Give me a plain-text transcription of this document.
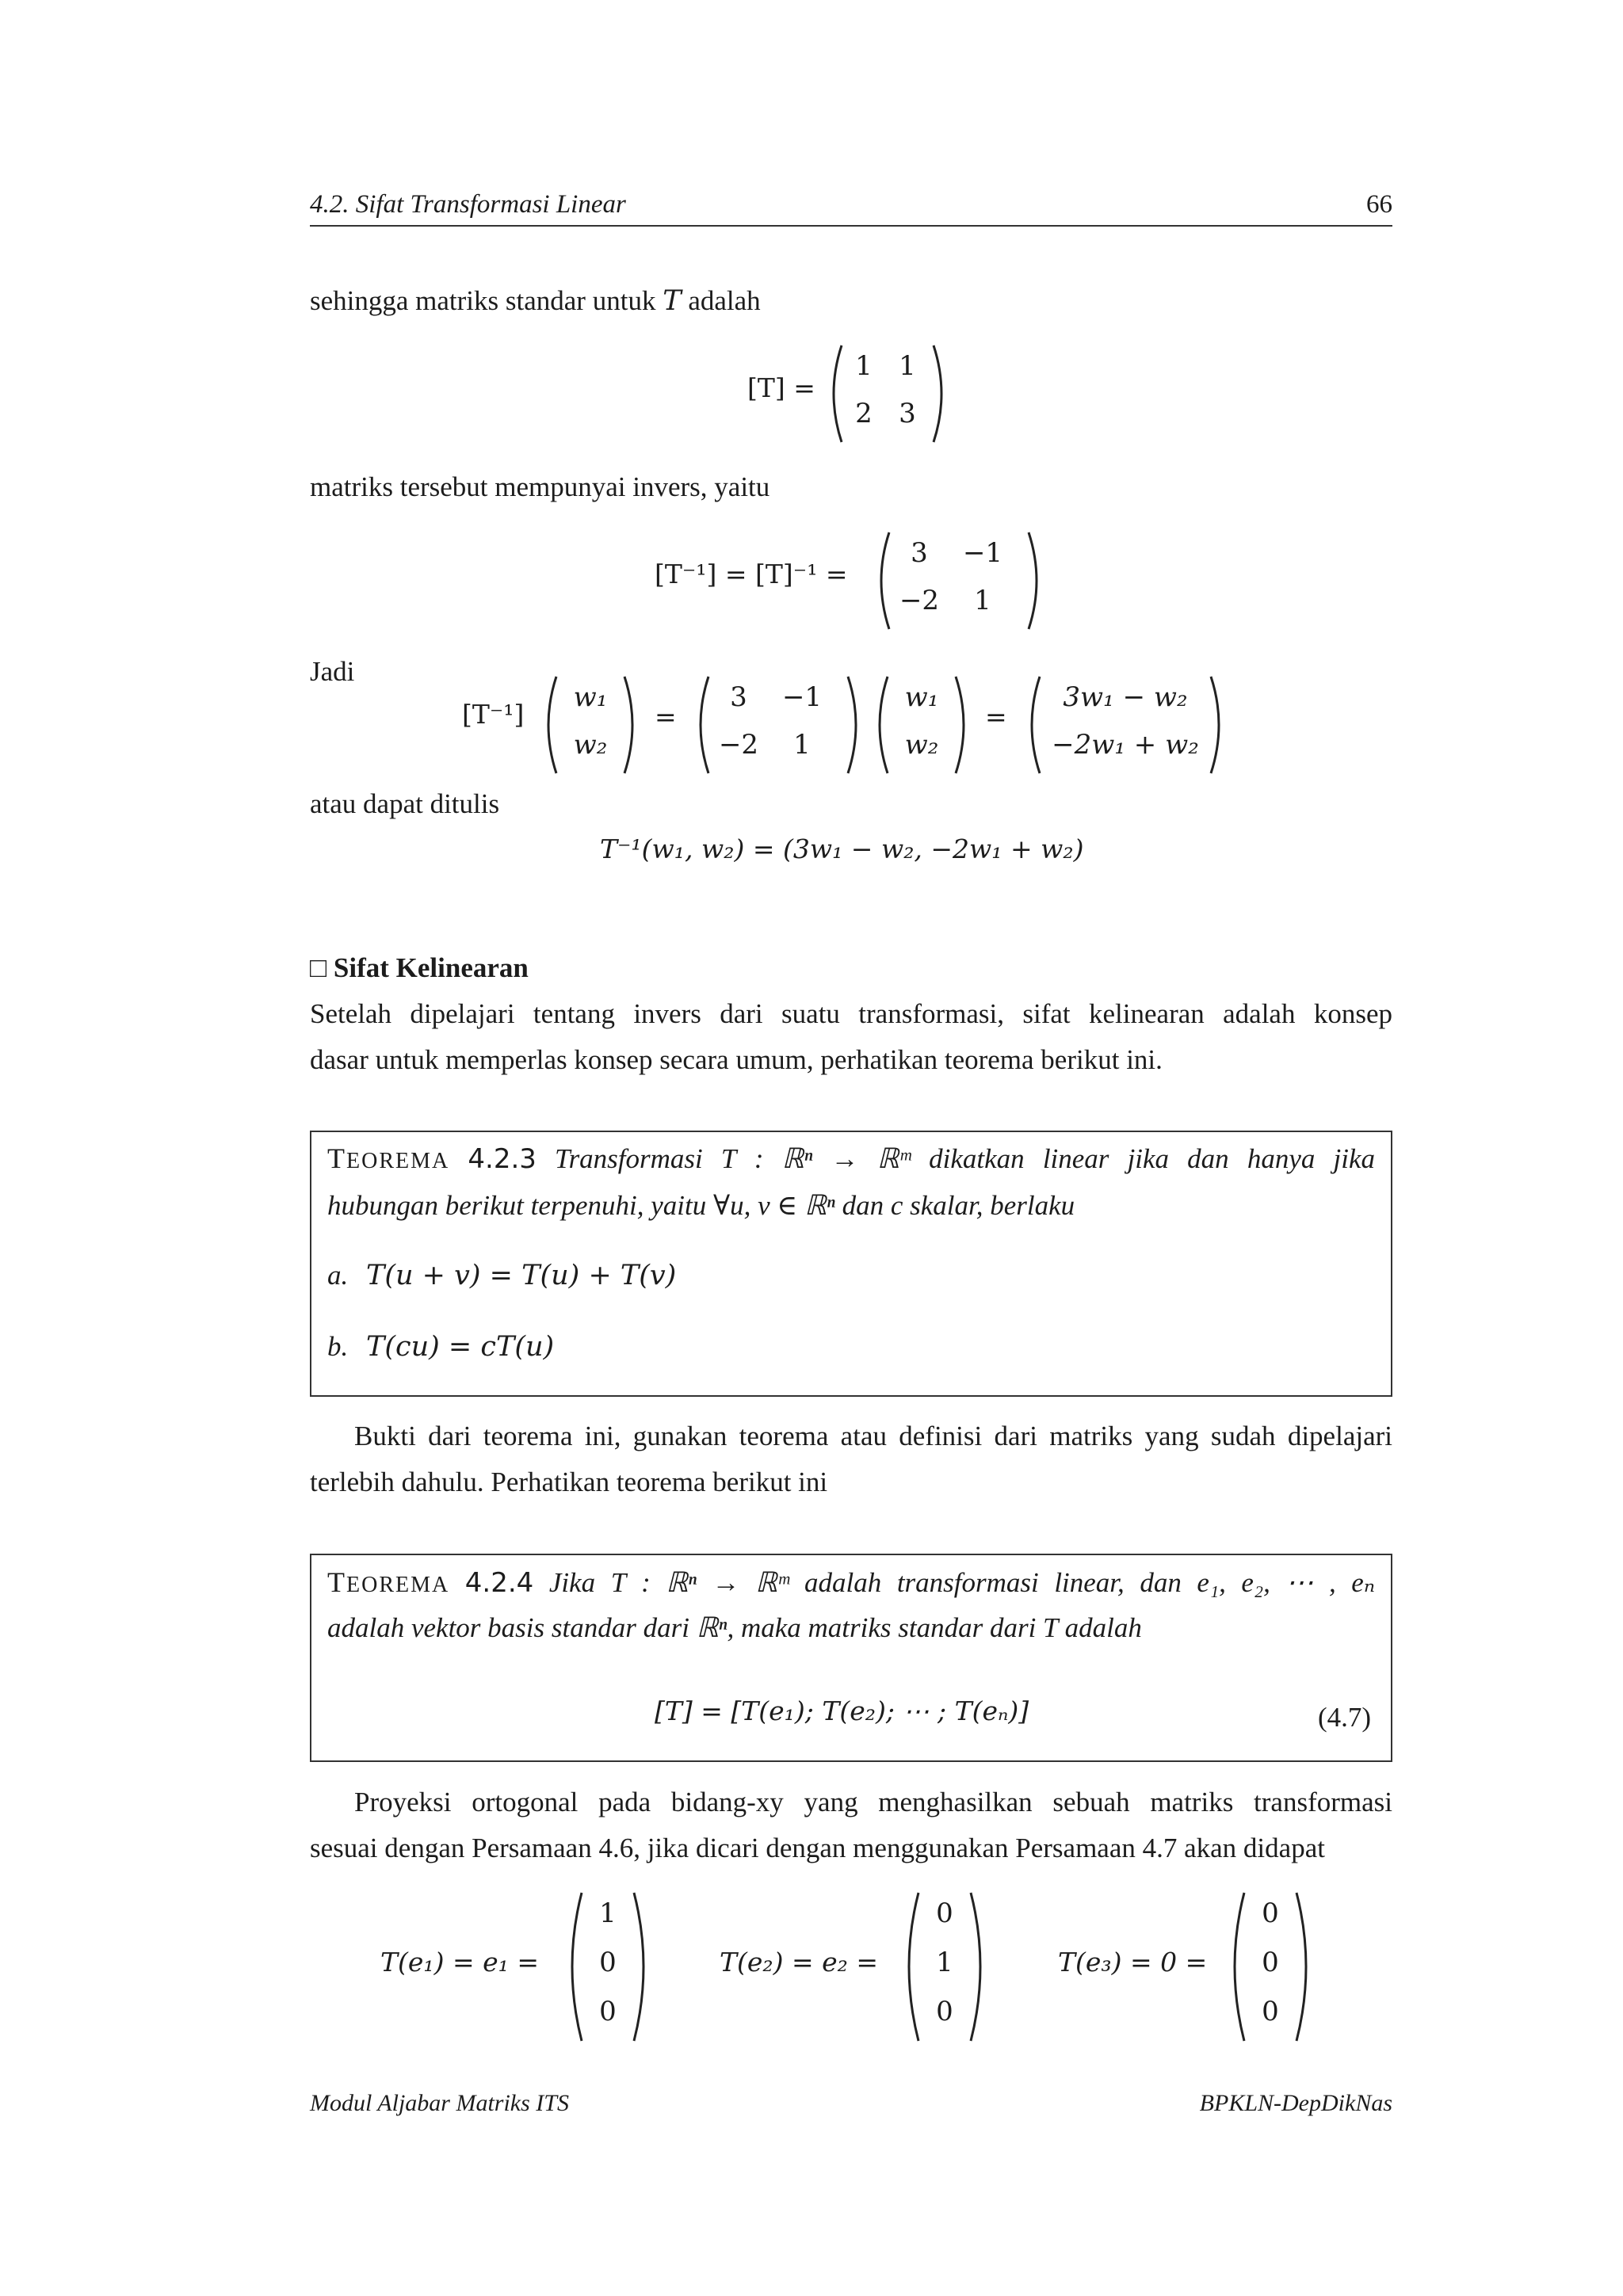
4.2. Sifat Transformasi Linear	66
sehingga matriks standar untuk T adalah
[T] =
1 1
2 3
matriks tersebut mempunyai invers, yaitu
[T⁻¹] = [T]⁻¹ =
3	−1
−2	1
Jadi
[T⁻¹]
w₁
w₂
=
3	−1
−2	1
w₁
w₂
=
3w₁ − w₂
−2w₁ + w₂
atau dapat ditulis
T⁻¹(w₁, w₂) = (3w₁ − w₂, −2w₁ + w₂)
□ Sifat Kelinearan
Setelah dipelajari tentang invers dari suatu transformasi, sifat kelinearan adalah konsep
dasar untuk memperlas konsep secara umum, perhatikan teorema berikut ini.
TEOREMA 4.2.3 Transformasi T : ℝⁿ → ℝᵐ dikatkan linear jika dan hanya jika
hubungan berikut terpenuhi, yaitu ∀u, v ∈ ℝⁿ dan c skalar, berlaku
a. T(u + v) = T(u) + T(v)
b. T(cu) = cT(u)
Bukti dari teorema ini, gunakan teorema atau definisi dari matriks yang sudah dipelajari
terlebih dahulu. Perhatikan teorema berikut ini
TEOREMA 4.2.4 Jika T : ℝⁿ → ℝᵐ adalah transformasi linear, dan e₁, e₂, ⋯ , eₙ
adalah vektor basis standar dari ℝⁿ, maka matriks standar dari T adalah
[T] = [T(e₁); T(e₂); ⋯ ; T(eₙ)]	(4.7)
Proyeksi ortogonal pada bidang-xy yang menghasilkan sebuah matriks transformasi
sesuai dengan Persamaan 4.6, jika dicari dengan menggunakan Persamaan 4.7 akan didapat
T(e₁) = e₁ =
1
0
0
T(e₂) = e₂ =
0
1
0
T(e₃) = 0 =
0
0
0
Modul Aljabar Matriks ITS	BPKLN-DepDikNas
